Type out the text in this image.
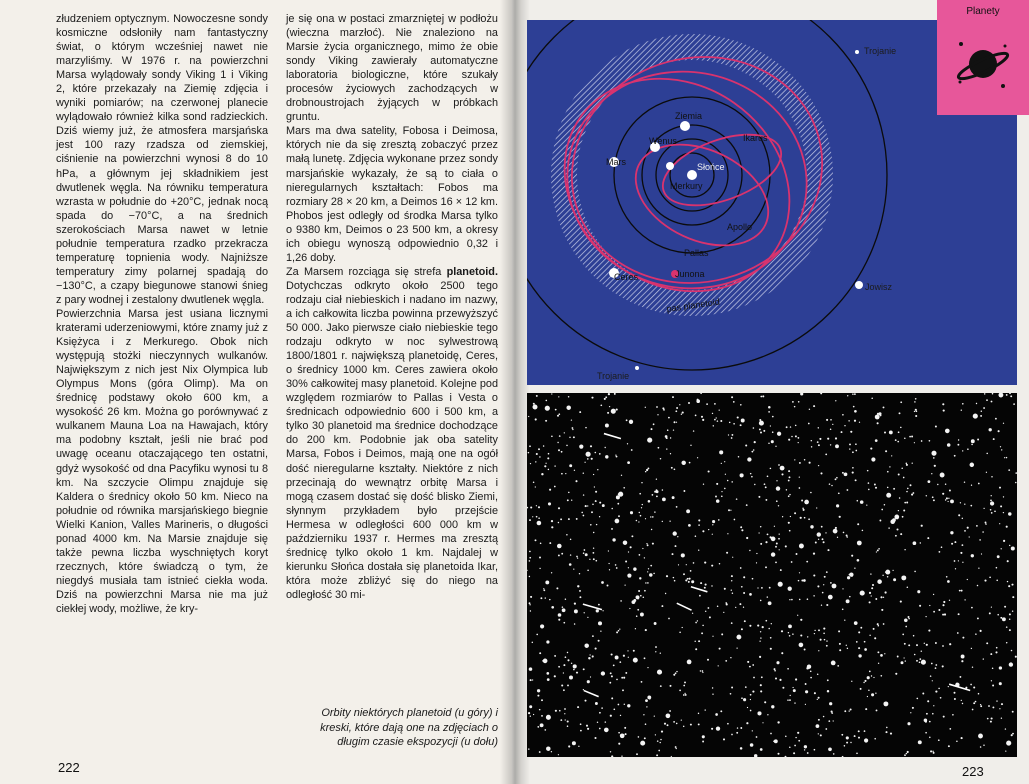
złudzeniem optycznym. Nowoczesne sondy kosmiczne odsłoniły nam fantastyczny świat, o którym wcześniej nawet nie marzyliśmy. W 1976 r. na powierzchni Marsa wylądowały sondy Viking 1 i Viking 2, które przekazały na Ziemię zdjęcia i wyniki pomiarów; na czerwonej planecie wylądowało również kilka sond radzieckich. Dziś wiemy już, że atmosfera marsjańska jest 100 razy rzadsza od ziemskiej, ciśnienie na powierzchni wynosi 8 do 10 hPa, a głównym jej składnikiem jest dwutlenek węgla. Na równiku temperatura wzrasta w południe do +20°C, jednak nocą spada do −70°C, a na średnich szerokościach Marsa nawet w letnie południe temperatura rzadko przekracza temperaturę topnienia wody. Najniższe temperatury zimy polarnej spadają do −130°C, a czapy biegunowe stanowi śnieg z pary wodnej i zestalony dwutlenek węgla.

Powierzchnia Marsa jest usiana licznymi kraterami uderzeniowymi, które znamy już z Księżyca i z Merkurego. Obok nich występują stożki nieczynnych wulkanów. Największym z nich jest Nix Olympica lub Olympus Mons (góra Olimp). Ma on średnicę podstawy około 600 km, a wysokość 26 km. Można go porównywać z wulkanem Mauna Loa na Hawajach, który ma podobny kształt, jeśli nie brać pod uwagę oceanu otaczającego ten ostatni, gdyż wysokość od dna Pacyfiku wynosi tu 8 km. Na szczycie Olimpu znajduje się Kaldera o średnicy około 50 km. Nieco na południe od równika marsjańskiego biegnie Wielki Kanion, Valles Marineris, o długości ponad 4000 km. Na Marsie znajduje się także pewna liczba wyschniętych koryt rzecznych, które świadczą o tym, że niegdyś musiała tam istnieć ciekła woda. Dziś na powierzchni Marsa nie ma już ciekłej wody, możliwe, że kry-

je się ona w postaci zmarzniętej w podłożu (wieczna marzłoć). Nie znaleziono na Marsie życia organicznego, mimo że obie sondy Viking zawierały automatyczne laboratoria biologiczne, które szukały procesów życiowych zachodzących w drobnoustrojach żyjących w próbkach gruntu.

Mars ma dwa satelity, Fobosa i Deimosa, których nie da się zresztą zobaczyć przez małą lunetę. Zdjęcia wykonane przez sondy marsjańskie wykazały, że są to ciała o nieregularnych kształtach: Fobos ma rozmiary 28 × 20 km, a Deimos 16 × 12 km. Phobos jest odległy od środka Marsa tylko o 9380 km, Deimos o 23 500 km, a okresy ich obiegu wynoszą odpowiednio 0,32 i 1,26 doby.

Za Marsem rozciąga się strefa planetoid. Dotychczas odkryto około 2500 tego rodzaju ciał niebieskich i nadano im nazwy, a ich całkowita liczba powinna przewyższyć 50 000. Jako pierwsze ciało niebieskie tego rodzaju odkryto w noc sylwestrową 1800/1801 r. największą planetoidę, Ceres, o średnicy 1000 km. Ceres zawiera około 30% całkowitej masy planetoid. Kolejne pod względem rozmiarów to Pallas i Vesta o średnicach odpowiednio 600 i 500 km, a tylko 30 planetoid ma średnice dochodzące do 200 km. Podobnie jak oba satelity Marsa, Fobos i Deimos, mają one na ogół dość nieregularne kształty. Niektóre z nich przecinają do wewnątrz orbitę Marsa i mogą czasem dostać się dość blisko Ziemi, słynnym przykładem było przejście Hermesa w odległości 600 000 km w październiku 1937 r. Hermes ma zresztą średnicę tylko około 1 km. Najdalej w kierunku Słońca dostała się planetoida Ikar, która może zbliżyć się do niego na odległość 30 mi-

Orbity niektórych planetoid (u góry) i kreski, które dają one na zdjęciach o długim czasie ekspozycji (u dołu)
222
Trojanie
Ziemia
Wenus	Ikarus
Mars	Słońce
Merkury
Apollo
Pallas
Junona
Ceres
Jowisz
pas planetoid
Trojanie
Planety
223
